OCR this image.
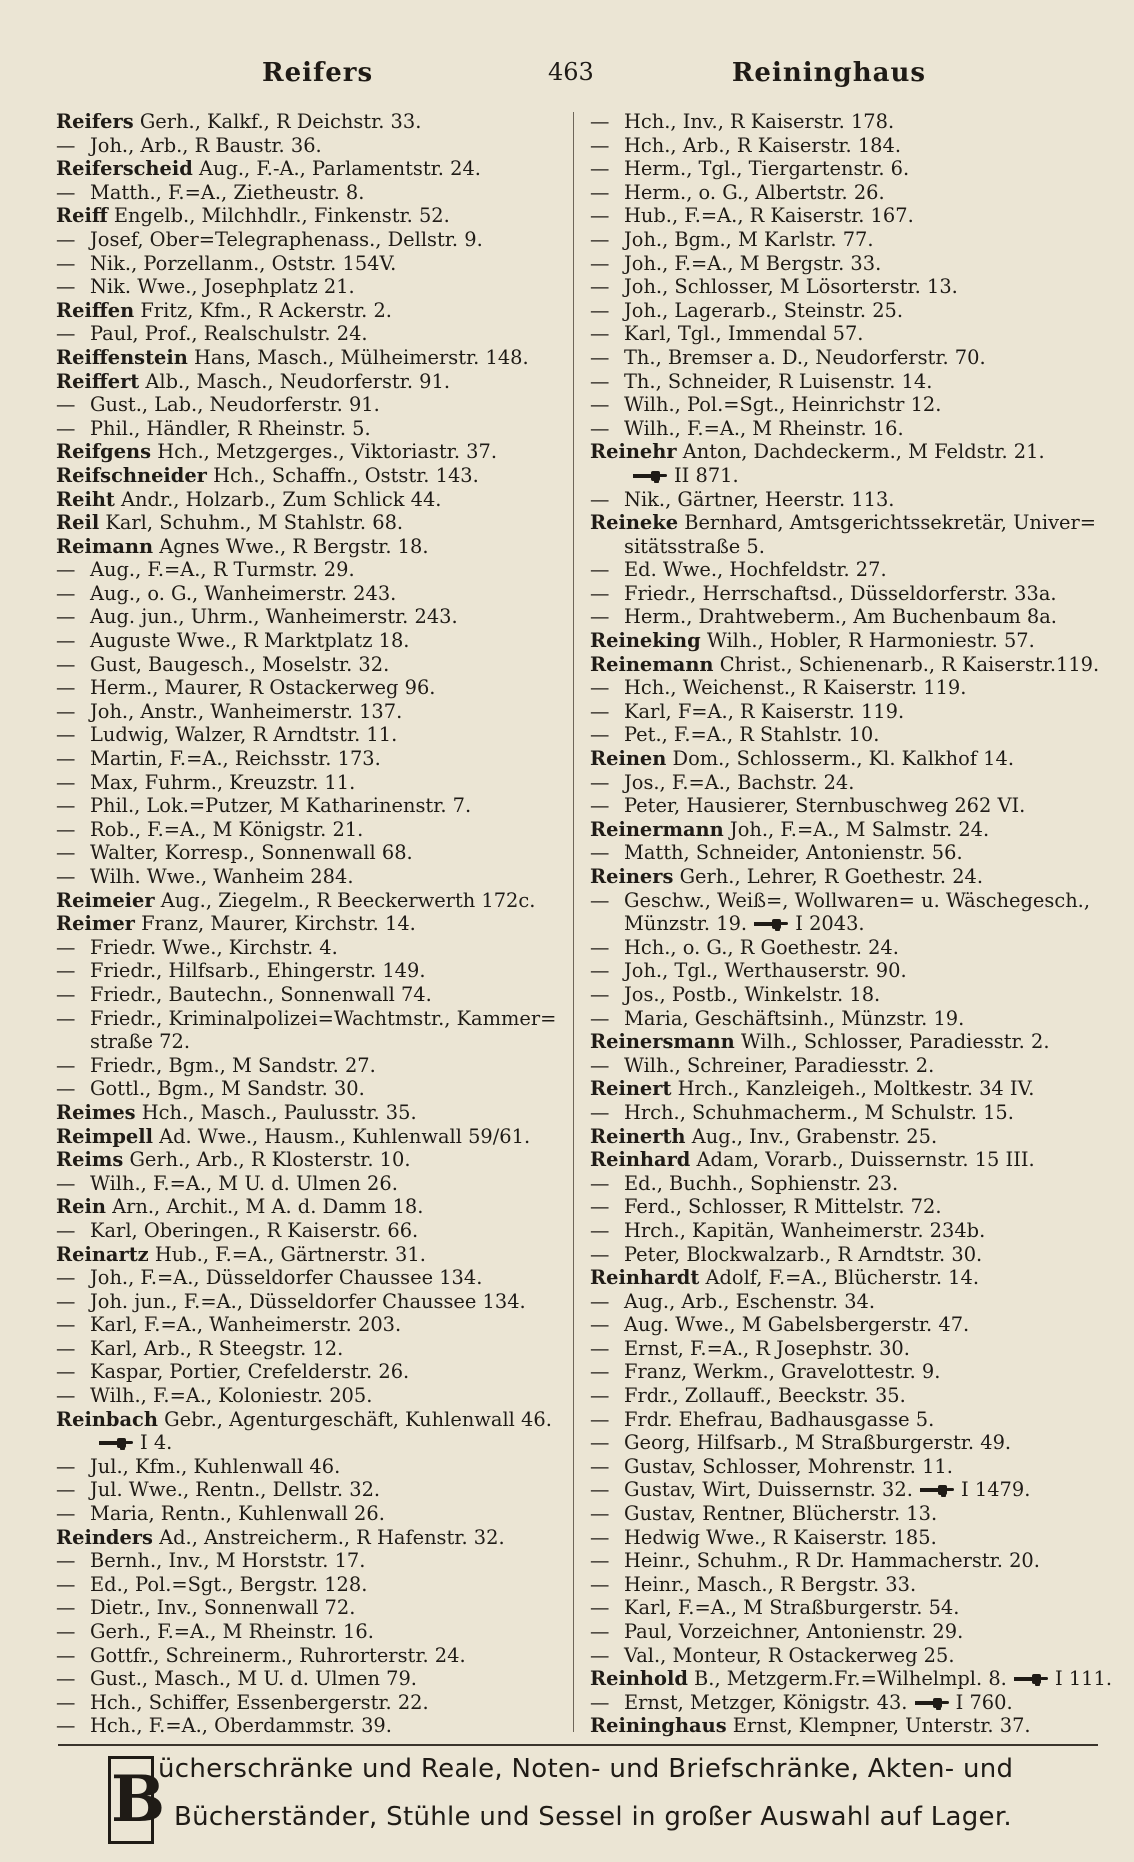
Reifers	463	Reininghaus
Reifers Gerh., Kalkf., R Deichstr. 33.
— Joh., Arb., R Baustr. 36.
Reiferscheid Aug., F.-A., Parlamentstr. 24.
— Matth., F.=A., Zietheustr. 8.
Reiff Engelb., Milchhdlr., Finkenstr. 52.
— Josef, Ober=Telegraphenass., Dellstr. 9.
— Nik., Porzellanm., Oststr. 154V.
— Nik. Wwe., Josephplatz 21.
Reiffen Fritz, Kfm., R Ackerstr. 2.
— Paul, Prof., Realschulstr. 24.
Reiffenstein Hans, Masch., Mülheimerstr. 148.
Reiffert Alb., Masch., Neudorferstr. 91.
— Gust., Lab., Neudorferstr. 91.
— Phil., Händler, R Rheinstr. 5.
Reifgens Hch., Metzgerges., Viktoriastr. 37.
Reifschneider Hch., Schaffn., Oststr. 143.
Reiht Andr., Holzarb., Zum Schlick 44.
Reil Karl, Schuhm., M Stahlstr. 68.
Reimann Agnes Wwe., R Bergstr. 18.
— Aug., F.=A., R Turmstr. 29.
— Aug., o. G., Wanheimerstr. 243.
— Aug. jun., Uhrm., Wanheimerstr. 243.
— Auguste Wwe., R Marktplatz 18.
— Gust, Baugesch., Moselstr. 32.
— Herm., Maurer, R Ostackerweg 96.
— Joh., Anstr., Wanheimerstr. 137.
— Ludwig, Walzer, R Arndtstr. 11.
— Martin, F.=A., Reichsstr. 173.
— Max, Fuhrm., Kreuzstr. 11.
— Phil., Lok.=Putzer, M Katharinenstr. 7.
— Rob., F.=A., M Königstr. 21.
— Walter, Korresp., Sonnenwall 68.
— Wilh. Wwe., Wanheim 284.
Reimeier Aug., Ziegelm., R Beeckerwerth 172c.
Reimer Franz, Maurer, Kirchstr. 14.
— Friedr. Wwe., Kirchstr. 4.
— Friedr., Hilfsarb., Ehingerstr. 149.
— Friedr., Bautechn., Sonnenwall 74.
— Friedr., Kriminalpolizei=Wachtmstr., Kammer=
straße 72.
— Friedr., Bgm., M Sandstr. 27.
— Gottl., Bgm., M Sandstr. 30.
Reimes Hch., Masch., Paulusstr. 35.
Reimpell Ad. Wwe., Hausm., Kuhlenwall 59/61.
Reims Gerh., Arb., R Klosterstr. 10.
— Wilh., F.=A., M U. d. Ulmen 26.
Rein Arn., Archit., M A. d. Damm 18.
— Karl, Oberingen., R Kaiserstr. 66.
Reinartz Hub., F.=A., Gärtnerstr. 31.
— Joh., F.=A., Düsseldorfer Chaussee 134.
— Joh. jun., F.=A., Düsseldorfer Chaussee 134.
— Karl, F.=A., Wanheimerstr. 203.
— Karl, Arb., R Steegstr. 12.
— Kaspar, Portier, Crefelderstr. 26.
— Wilh., F.=A., Koloniestr. 205.
Reinbach Gebr., Agenturgeschäft, Kuhlenwall 46.
I 4.
— Jul., Kfm., Kuhlenwall 46.
— Jul. Wwe., Rentn., Dellstr. 32.
— Maria, Rentn., Kuhlenwall 26.
Reinders Ad., Anstreicherm., R Hafenstr. 32.
— Bernh., Inv., M Horststr. 17.
— Ed., Pol.=Sgt., Bergstr. 128.
— Dietr., Inv., Sonnenwall 72.
— Gerh., F.=A., M Rheinstr. 16.
— Gottfr., Schreinerm., Ruhrorterstr. 24.
— Gust., Masch., M U. d. Ulmen 79.
— Hch., Schiffer, Essenbergerstr. 22.
— Hch., F.=A., Oberdammstr. 39.
— Hch., Inv., R Kaiserstr. 178.
— Hch., Arb., R Kaiserstr. 184.
— Herm., Tgl., Tiergartenstr. 6.
— Herm., o. G., Albertstr. 26.
— Hub., F.=A., R Kaiserstr. 167.
— Joh., Bgm., M Karlstr. 77.
— Joh., F.=A., M Bergstr. 33.
— Joh., Schlosser, M Lösorterstr. 13.
— Joh., Lagerarb., Steinstr. 25.
— Karl, Tgl., Immendal 57.
— Th., Bremser a. D., Neudorferstr. 70.
— Th., Schneider, R Luisenstr. 14.
— Wilh., Pol.=Sgt., Heinrichstr 12.
— Wilh., F.=A., M Rheinstr. 16.
Reinehr Anton, Dachdeckerm., M Feldstr. 21.
II 871.
— Nik., Gärtner, Heerstr. 113.
Reineke Bernhard, Amtsgerichtssekretär, Univer=
sitätsstraße 5.
— Ed. Wwe., Hochfeldstr. 27.
— Friedr., Herrschaftsd., Düsseldorferstr. 33a.
— Herm., Drahtweberm., Am Buchenbaum 8a.
Reineking Wilh., Hobler, R Harmoniestr. 57.
Reinemann Christ., Schienenarb., R Kaiserstr.119.
— Hch., Weichenst., R Kaiserstr. 119.
— Karl, F=A., R Kaiserstr. 119.
— Pet., F.=A., R Stahlstr. 10.
Reinen Dom., Schlosserm., Kl. Kalkhof 14.
— Jos., F.=A., Bachstr. 24.
— Peter, Hausierer, Sternbuschweg 262 VI.
Reinermann Joh., F.=A., M Salmstr. 24.
— Matth, Schneider, Antonienstr. 56.
Reiners Gerh., Lehrer, R Goethestr. 24.
— Geschw., Weiß=, Wollwaren= u. Wäschegesch.,
Münzstr. 19. I 2043.
— Hch., o. G., R Goethestr. 24.
— Joh., Tgl., Werthauserstr. 90.
— Jos., Postb., Winkelstr. 18.
— Maria, Geschäftsinh., Münzstr. 19.
Reinersmann Wilh., Schlosser, Paradiesstr. 2.
— Wilh., Schreiner, Paradiesstr. 2.
Reinert Hrch., Kanzleigeh., Moltkestr. 34 IV.
— Hrch., Schuhmacherm., M Schulstr. 15.
Reinerth Aug., Inv., Grabenstr. 25.
Reinhard Adam, Vorarb., Duissernstr. 15 III.
— Ed., Buchh., Sophienstr. 23.
— Ferd., Schlosser, R Mittelstr. 72.
— Hrch., Kapitän, Wanheimerstr. 234b.
— Peter, Blockwalzarb., R Arndtstr. 30.
Reinhardt Adolf, F.=A., Blücherstr. 14.
— Aug., Arb., Eschenstr. 34.
— Aug. Wwe., M Gabelsbergerstr. 47.
— Ernst, F.=A., R Josephstr. 30.
— Franz, Werkm., Gravelottestr. 9.
— Frdr., Zollauff., Beeckstr. 35.
— Frdr. Ehefrau, Badhausgasse 5.
— Georg, Hilfsarb., M Straßburgerstr. 49.
— Gustav, Schlosser, Mohrenstr. 11.
— Gustav, Wirt, Duissernstr. 32. I 1479.
— Gustav, Rentner, Blücherstr. 13.
— Hedwig Wwe., R Kaiserstr. 185.
— Heinr., Schuhm., R Dr. Hammacherstr. 20.
— Heinr., Masch., R Bergstr. 33.
— Karl, F.=A., M Straßburgerstr. 54.
— Paul, Vorzeichner, Antonienstr. 29.
— Val., Monteur, R Ostackerweg 25.
Reinhold B., Metzgerm.Fr.=Wilhelmpl. 8. I 111.
— Ernst, Metzger, Königstr. 43. I 760.
Reininghaus Ernst, Klempner, Unterstr. 37.
B
ücherschränke und Reale, Noten- und Briefschränke, Akten- und
Bücherständer, Stühle und Sessel in großer Auswahl auf Lager.
